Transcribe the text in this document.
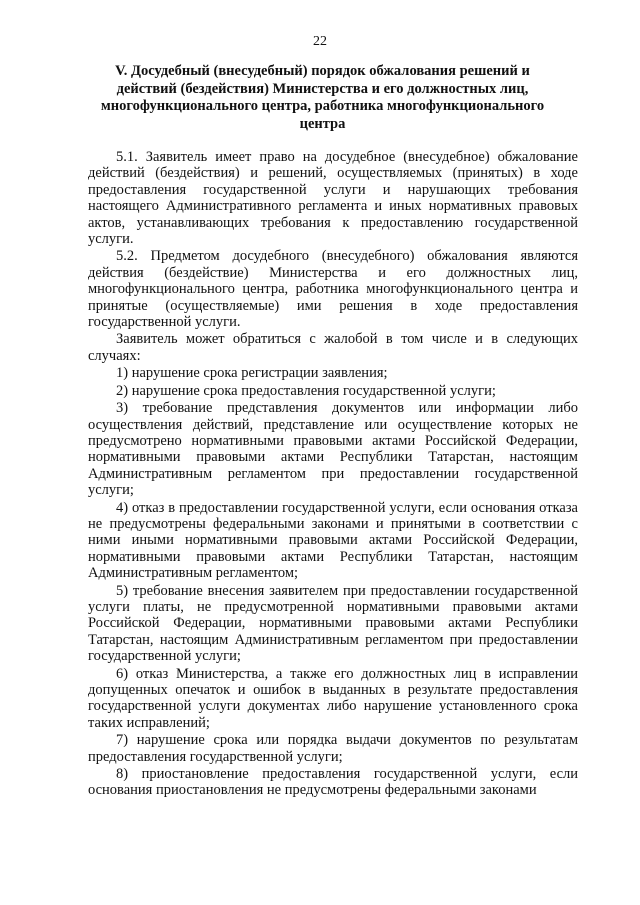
22
V. Досудебный (внесудебный) порядок обжалования решений и действий (бездействия) Министерства и его должностных лиц, многофункционального центра, работника многофункционального центра

5.1. Заявитель имеет право на досудебное (внесудебное) обжалование действий (бездействия) и решений, осуществляемых (принятых) в ходе предоставления государственной услуги и нарушающих требования настоящего Административного регламента и иных нормативных правовых актов, устанавливающих требования к предоставлению государственной услуги.

5.2. Предметом досудебного (внесудебного) обжалования являются действия (бездействие) Министерства и его должностных лиц, многофункционального центра, работника многофункционального центра и принятые (осуществляемые) ими решения в ходе предоставления государственной услуги.

Заявитель может обратиться с жалобой в том числе и в следующих случаях:

1) нарушение срока регистрации заявления;

2) нарушение срока предоставления государственной услуги;

3) требование представления документов или информации либо осуществления действий, представление или осуществление которых не предусмотрено нормативными правовыми актами Российской Федерации, нормативными правовыми актами Республики Татарстан, настоящим Административным регламентом при предоставлении государственной услуги;

4) отказ в предоставлении государственной услуги, если основания отказа не предусмотрены федеральными законами и принятыми в соответствии с ними иными нормативными правовыми актами Российской Федерации, нормативными правовыми актами Республики Татарстан, настоящим Административным регламентом;

5) требование внесения заявителем при предоставлении государственной услуги платы, не предусмотренной нормативными правовыми актами Российской Федерации, нормативными правовыми актами Республики Татарстан, настоящим Административным регламентом при предоставлении государственной услуги;

6) отказ Министерства, а также его должностных лиц в исправлении допущенных опечаток и ошибок в выданных в результате предоставления государственной услуги документах либо нарушение установленного срока таких исправлений;

7) нарушение срока или порядка выдачи документов по результатам предоставления государственной услуги;

8) приостановление предоставления государственной услуги, если основания приостановления не предусмотрены федеральными законами
